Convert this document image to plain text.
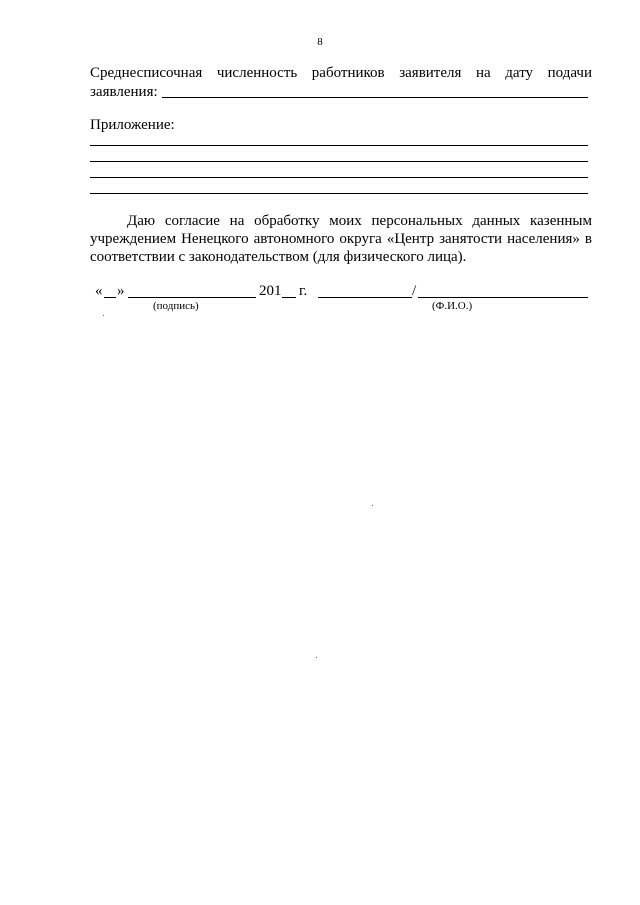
8
Среднесписочная численность работников заявителя на дату подачи
заявления:
Приложение:
Даю согласие на обработку моих персональных данных казенным
учреждением Ненецкого автономного округа «Центр занятости населения» в
соответствии с законодательством (для физического лица).
« »	201 г.	/
(подпись)	(Ф.И.О.)
